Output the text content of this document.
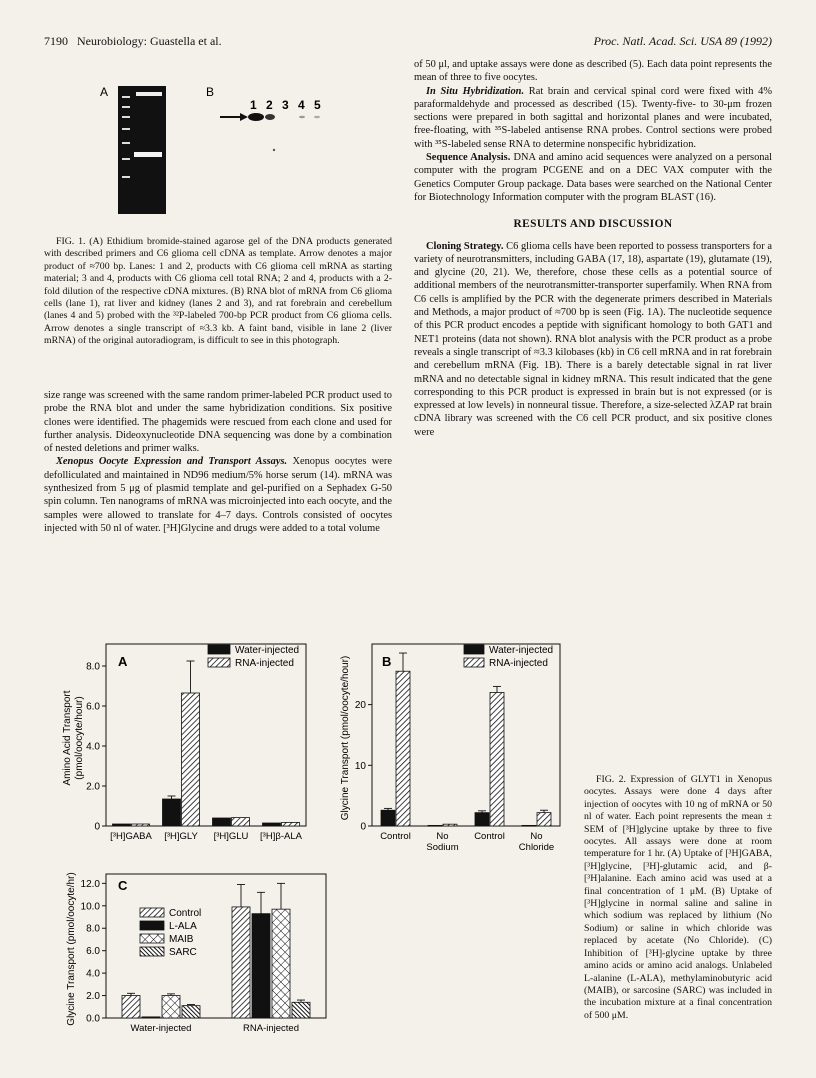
7190 Neurobiology: Guastella et al.	Proc. Natl. Acad. Sci. USA 89 (1992)
A	B
1 2 3 4 5

FIG. 1. (A) Ethidium bromide-stained agarose gel of the DNA products generated with described primers and C6 glioma cell cDNA as template. Arrow denotes a major product of ≈700 bp. Lanes: 1 and 2, products with C6 glioma cell mRNA as starting material; 3 and 4, products with C6 glioma cell total RNA; 2 and 4, products with a 2-fold dilution of the respective cDNA mixtures. (B) RNA blot of mRNA from C6 glioma cells (lane 1), rat liver and kidney (lanes 2 and 3), and rat forebrain and cerebellum (lanes 4 and 5) probed with the ³²P-labeled 700-bp PCR product from C6 glioma cells. Arrow denotes a single transcript of ≈3.3 kb. A faint band, visible in lane 2 (liver mRNA) of the original autoradiogram, is difficult to see in this photograph.

size range was screened with the same random primer-labeled PCR product used to probe the RNA blot and under the same hybridization conditions. Six positive clones were identified. The phagemids were rescued from each clone and used for further analysis. Dideoxynucleotide DNA sequencing was done by a combination of nested deletions and primer walks.

Xenopus Oocyte Expression and Transport Assays. Xenopus oocytes were defolliculated and maintained in ND96 medium/5% horse serum (14). mRNA was synthesized from 5 μg of plasmid template and gel-purified on a Sephadex G-50 spin column. Ten nanograms of mRNA was microinjected into each oocyte, and the samples were allowed to translate for 4–7 days. Controls consisted of oocytes injected with 50 nl of water. [³H]Glycine and drugs were added to a total volume

of 50 μl, and uptake assays were done as described (5). Each data point represents the mean of three to five oocytes.

In Situ Hybridization. Rat brain and cervical spinal cord were fixed with 4% paraformaldehyde and processed as described (15). Twenty-five- to 30-μm frozen sections were prepared in both sagittal and horizontal planes and were incubated, free-floating, with ³⁵S-labeled antisense RNA probes. Control sections were probed with ³⁵S-labeled sense RNA to determine nonspecific hybridization.

Sequence Analysis. DNA and amino acid sequences were analyzed on a personal computer with the program PCGENE and on a DEC VAX computer with the Genetics Computer Group package. Data bases were searched on the National Center for Biotechnology Information computer with the program BLAST (16).

RESULTS AND DISCUSSION

Cloning Strategy. C6 glioma cells have been reported to possess transporters for a variety of neurotransmitters, including GABA (17, 18), aspartate (19), glutamate (19), and glycine (20, 21). We, therefore, chose these cells as a potential source of additional members of the neurotransmitter-transporter superfamily. When RNA from C6 cells is amplified by the PCR with the degenerate primers described in Materials and Methods, a major product of ≈700 bp is seen (Fig. 1A). The nucleotide sequence of this PCR product encodes a peptide with significant homology to both GAT1 and NET1 proteins (data not shown). RNA blot analysis with the PCR product as a probe reveals a single transcript of ≈3.3 kilobases (kb) in C6 cell mRNA and in rat forebrain and cerebellum mRNA (Fig. 1B). There is a barely detectable signal in rat liver mRNA and no detectable signal in kidney mRNA. This result indicated that the gene corresponding to this PCR product is expressed in brain but is not expressed (or is expressed at low levels) in nonneural tissue. Therefore, a size-selected λZAP rat brain cDNA library was screened with the C6 cell PCR product, and six positive clones were

0
2.0
4.0
6.0
8.0
Amino Acid Transport (pmol/oocyte/hour)
A
[³H]GABA [³H]GLY [³H]GLU [³H]β-ALA
Water-injected
RNA-injected
0
10
20
Glycine Transport (pmol/oocyte/hour) B
Control	No
Sodium
Control	No
Chloride
Water-injected
RNA-injected
0.0
2.0
4.0
6.0
8.0
10.0
12.0
Glycine Transport (pmol/oocyte/hr)	C
Water-injected	RNA-injected
Control
L-ALA
MAIB
SARC

FIG. 2. Expression of GLYT1 in Xenopus oocytes. Assays were done 4 days after injection of oocytes with 10 ng of mRNA or 50 nl of water. Each point represents the mean ± SEM of [³H]glycine uptake by three to five oocytes. All assays were done at room temperature for 1 hr. (A) Uptake of [³H]GABA, [³H]glycine, [³H]-glutamic acid, and β-[³H]alanine. Each amino acid was used at a final concentration of 1 μM. (B) Uptake of [³H]glycine in normal saline and saline in which sodium was replaced by lithium (No Sodium) or saline in which chloride was replaced by acetate (No Chloride). (C) Inhibition of [³H]-glycine uptake by three amino acids or amino acid analogs. Unlabeled L-alanine (L-ALA), methylaminobutyric acid (MAIB), or sarcosine (SARC) was included in the incubation mixture at a final concentration of 500 μM.
